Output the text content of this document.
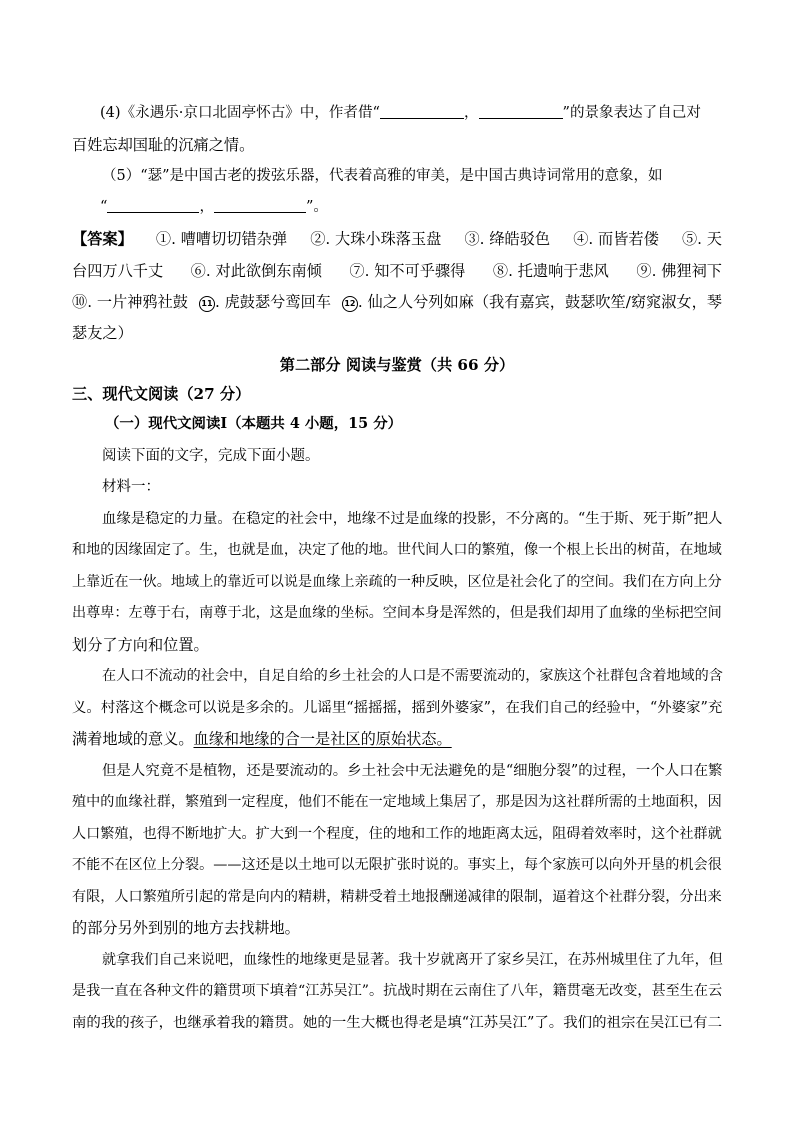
(4)《永遇乐·京口北固亭怀古》中，作者借“	，	”的景象表达了自己对

百姓忘却国耻的沉痛之情。

（5）“瑟”是中国古老的拨弦乐器，代表着高雅的审美，是中国古典诗词常用的意象，如

“	，	”。

【答案】 ①. 嘈嘈切切错杂弹 ②. 大珠小珠落玉盘 ③. 绛皓驳色 ④. 而皆若偻 ⑤. 天
台四万八千丈 ⑥. 对此欲倒东南倾 ⑦. 知不可乎骤得 ⑧. 托遗响于悲风 ⑨. 佛狸祠下
⑩. 一片神鸦社鼓	11 . 虎鼓瑟兮鸾回车	12 . 仙之人兮列如麻（我有嘉宾，鼓瑟吹笙/窈窕淑女，琴

瑟友之）

第二部分 阅读与鉴赏（共 66 分）

三、现代文阅读（27 分）

（一）现代文阅读Ⅰ（本题共 4 小题，15 分）

阅读下面的文字，完成下面小题。

材料一：

血缘是稳定的力量。在稳定的社会中，地缘不过是血缘的投影，不分离的。“生于斯、死于斯”把人

和地的因缘固定了。生，也就是血，决定了他的地。世代间人口的繁殖，像一个根上长出的树苗，在地域

上靠近在一伙。地域上的靠近可以说是血缘上亲疏的一种反映，区位是社会化了的空间。我们在方向上分

出尊卑：左尊于右，南尊于北，这是血缘的坐标。空间本身是浑然的，但是我们却用了血缘的坐标把空间

划分了方向和位置。

在人口不流动的社会中，自足自给的乡土社会的人口是不需要流动的，家族这个社群包含着地域的含

义。村落这个概念可以说是多余的。儿谣里“摇摇摇，摇到外婆家”，在我们自己的经验中，“外婆家”充

满着地域的意义。血缘和地缘的合一是社区的原始状态。

但是人究竟不是植物，还是要流动的。乡土社会中无法避免的是“细胞分裂”的过程，一个人口在繁

殖中的血缘社群，繁殖到一定程度，他们不能在一定地域上集居了，那是因为这社群所需的土地面积，因

人口繁殖，也得不断地扩大。扩大到一个程度，住的地和工作的地距离太远，阻碍着效率时，这个社群就

不能不在区位上分裂。——这还是以土地可以无限扩张时说的。事实上，每个家族可以向外开垦的机会很

有限，人口繁殖所引起的常是向内的精耕，精耕受着土地报酬递减律的限制，逼着这个社群分裂，分出来

的部分另外到别的地方去找耕地。

就拿我们自己来说吧，血缘性的地缘更是显著。我十岁就离开了家乡吴江，在苏州城里住了九年，但

是我一直在各种文件的籍贯项下填着“江苏吴江”。抗战时期在云南住了八年，籍贯毫无改变，甚至生在云

南的我的孩子，也继承着我的籍贯。她的一生大概也得老是填“江苏吴江”了。我们的祖宗在吴江已有二
